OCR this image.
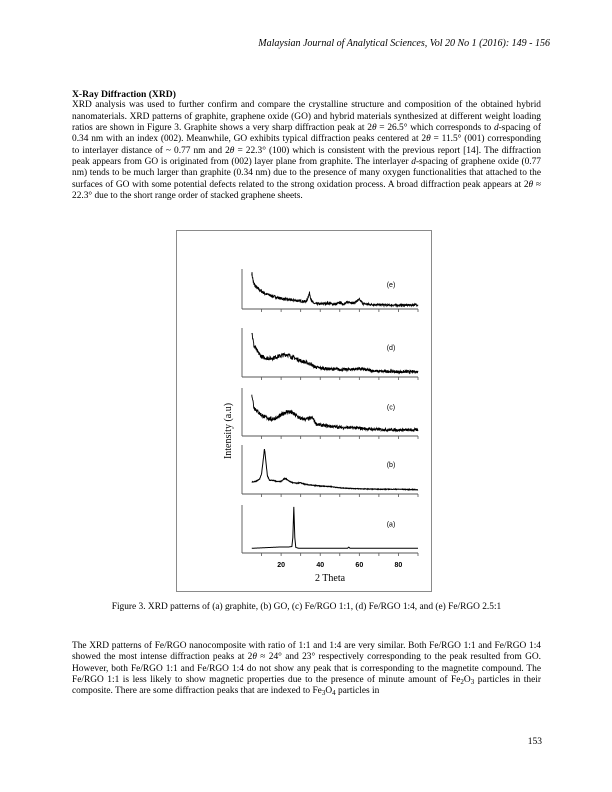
Malaysian Journal of Analytical Sciences, Vol 20 No 1 (2016): 149 - 156
X-Ray Diffraction (XRD)

XRD analysis was used to further confirm and compare the crystalline structure and composition of the obtained hybrid nanomaterials. XRD patterns of graphite, graphene oxide (GO) and hybrid materials synthesized at different weight loading ratios are shown in Figure 3. Graphite shows a very sharp diffraction peak at 2θ = 26.5° which corresponds to d-spacing of 0.34 nm with an index (002). Meanwhile, GO exhibits typical diffraction peaks centered at 2θ = 11.5° (001) corresponding to interlayer distance of ~ 0.77 nm and 2θ = 22.3° (100) which is consistent with the previous report [14]. The diffraction peak appears from GO is originated from (002) layer plane from graphite. The interlayer d-spacing of graphene oxide (0.77 nm) tends to be much larger than graphite (0.34 nm) due to the presence of many oxygen functionalities that attached to the surfaces of GO with some potential defects related to the strong oxidation process. A broad diffraction peak appears at 2θ ≈ 22.3° due to the short range order of stacked graphene sheets.

(e)
(d)
(c)
(b)
(a)
20	40	60	80
2 Theta
Intensity (a.u)
Figure 3. XRD patterns of (a) graphite, (b) GO, (c) Fe/RGO 1:1, (d) Fe/RGO 1:4, and (e) Fe/RGO 2.5:1

The XRD patterns of Fe/RGO nanocomposite with ratio of 1:1 and 1:4 are very similar. Both Fe/RGO 1:1 and Fe/RGO 1:4 showed the most intense diffraction peaks at 2θ ≈ 24° and 23° respectively corresponding to the peak resulted from GO. However, both Fe/RGO 1:1 and Fe/RGO 1:4 do not show any peak that is corresponding to the magnetite compound. The Fe/RGO 1:1 is less likely to show magnetic properties due to the presence of minute amount of $Fe_2O_3$ particles in their composite. There are some diffraction peaks that are indexed to $Fe_3O_4$ particles in

153
